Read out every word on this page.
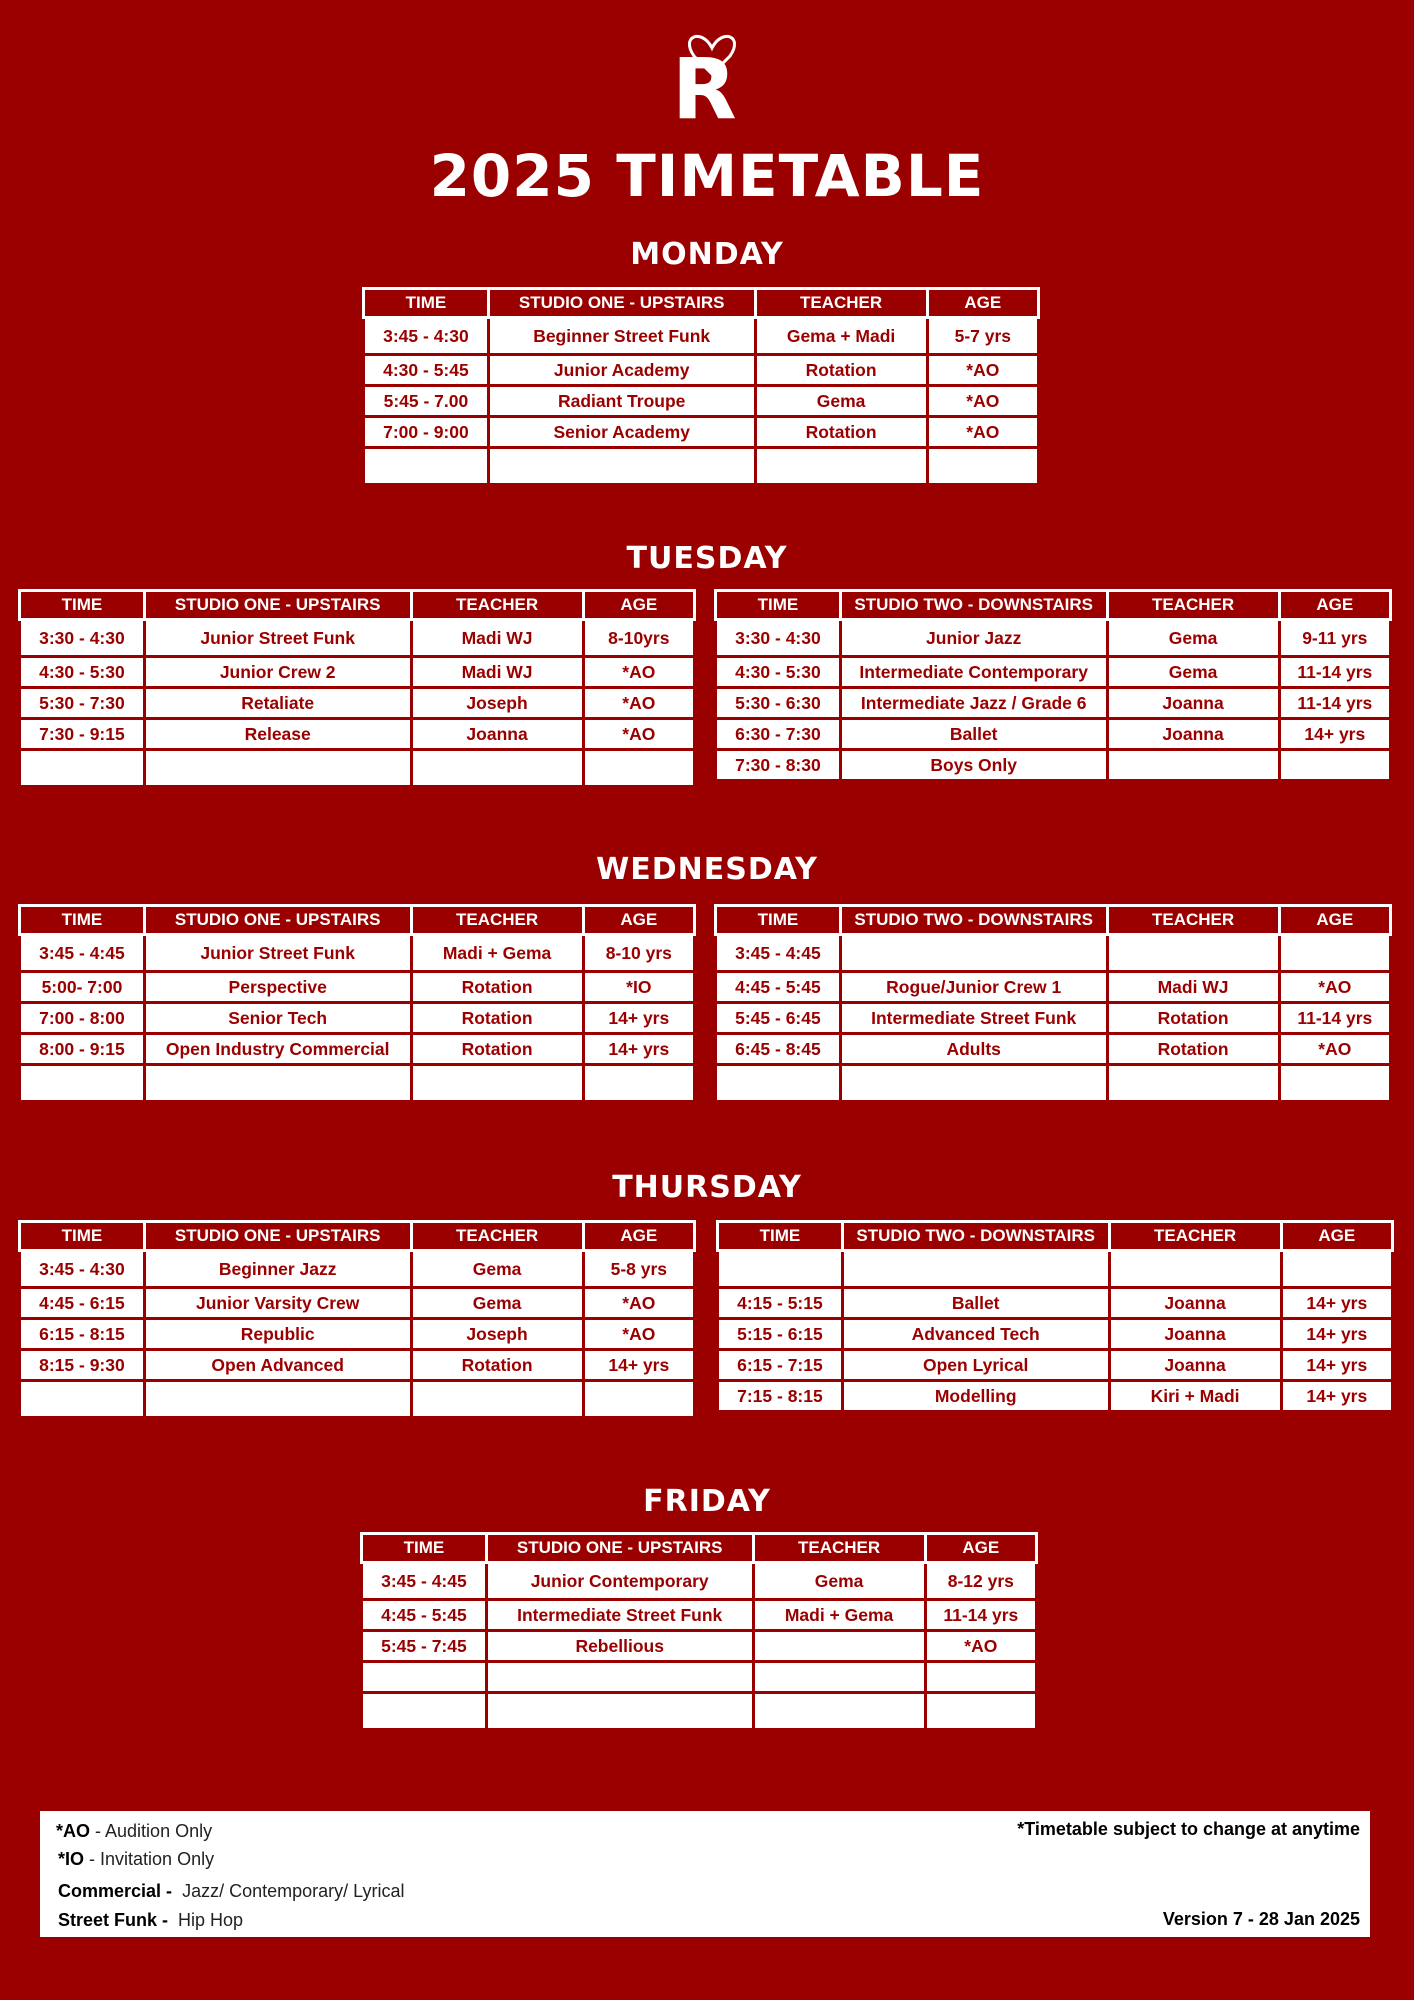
R
2025 TIMETABLE
MONDAY
TIME	STUDIO ONE - UPSTAIRS	TEACHER	AGE
3:45 - 4:30	Beginner Street Funk	Gema + Madi	5-7 yrs
4:30 - 5:45	Junior Academy	Rotation	*AO
5:45 - 7.00	Radiant Troupe	Gema	*AO
7:00 - 9:00	Senior Academy	Rotation	*AO

TUESDAY
TIME	STUDIO ONE - UPSTAIRS	TEACHER	AGE
3:30 - 4:30	Junior Street Funk	Madi WJ	8-10yrs
4:30 - 5:30	Junior Crew 2	Madi WJ	*AO
5:30 - 7:30	Retaliate	Joseph	*AO
7:30 - 9:15	Release	Joanna	*AO

TIME	STUDIO TWO - DOWNSTAIRS	TEACHER	AGE
3:30 - 4:30	Junior Jazz	Gema	9-11 yrs
4:30 - 5:30	Intermediate Contemporary	Gema	11-14 yrs
5:30 - 6:30	Intermediate Jazz / Grade 6	Joanna	11-14 yrs
6:30 - 7:30	Ballet	Joanna	14+ yrs
7:30 - 8:30	Boys Only		
WEDNESDAY
TIME	STUDIO ONE - UPSTAIRS	TEACHER	AGE
3:45 - 4:45	Junior Street Funk	Madi + Gema	8-10 yrs
5:00- 7:00	Perspective	Rotation	*IO
7:00 - 8:00	Senior Tech	Rotation	14+ yrs
8:00 - 9:15	Open Industry Commercial	Rotation	14+ yrs

TIME	STUDIO TWO - DOWNSTAIRS	TEACHER	AGE
3:45 - 4:45			
4:45 - 5:45	Rogue/Junior Crew 1	Madi WJ	*AO
5:45 - 6:45	Intermediate Street Funk	Rotation	11-14 yrs
6:45 - 8:45	Adults	Rotation	*AO

THURSDAY
TIME	STUDIO ONE - UPSTAIRS	TEACHER	AGE
3:45 - 4:30	Beginner Jazz	Gema	5-8 yrs
4:45 - 6:15	Junior Varsity Crew	Gema	*AO
6:15 - 8:15	Republic	Joseph	*AO
8:15 - 9:30	Open Advanced	Rotation	14+ yrs

TIME	STUDIO TWO - DOWNSTAIRS	TEACHER	AGE

4:15 - 5:15	Ballet	Joanna	14+ yrs
5:15 - 6:15	Advanced Tech	Joanna	14+ yrs
6:15 - 7:15	Open Lyrical	Joanna	14+ yrs
7:15 - 8:15	Modelling	Kiri + Madi	14+ yrs
FRIDAY
TIME	STUDIO ONE - UPSTAIRS	TEACHER	AGE
3:45 - 4:45	Junior Contemporary	Gema	8-12 yrs
4:45 - 5:45	Intermediate Street Funk	Madi + Gema	11-14 yrs
5:45 - 7:45	Rebellious		*AO

*AO - Audition Only
*IO - Invitation Only
Commercial - Jazz/ Contemporary/ Lyrical
Street Funk - Hip Hop
*Timetable subject to change at anytime
Version 7 - 28 Jan 2025
